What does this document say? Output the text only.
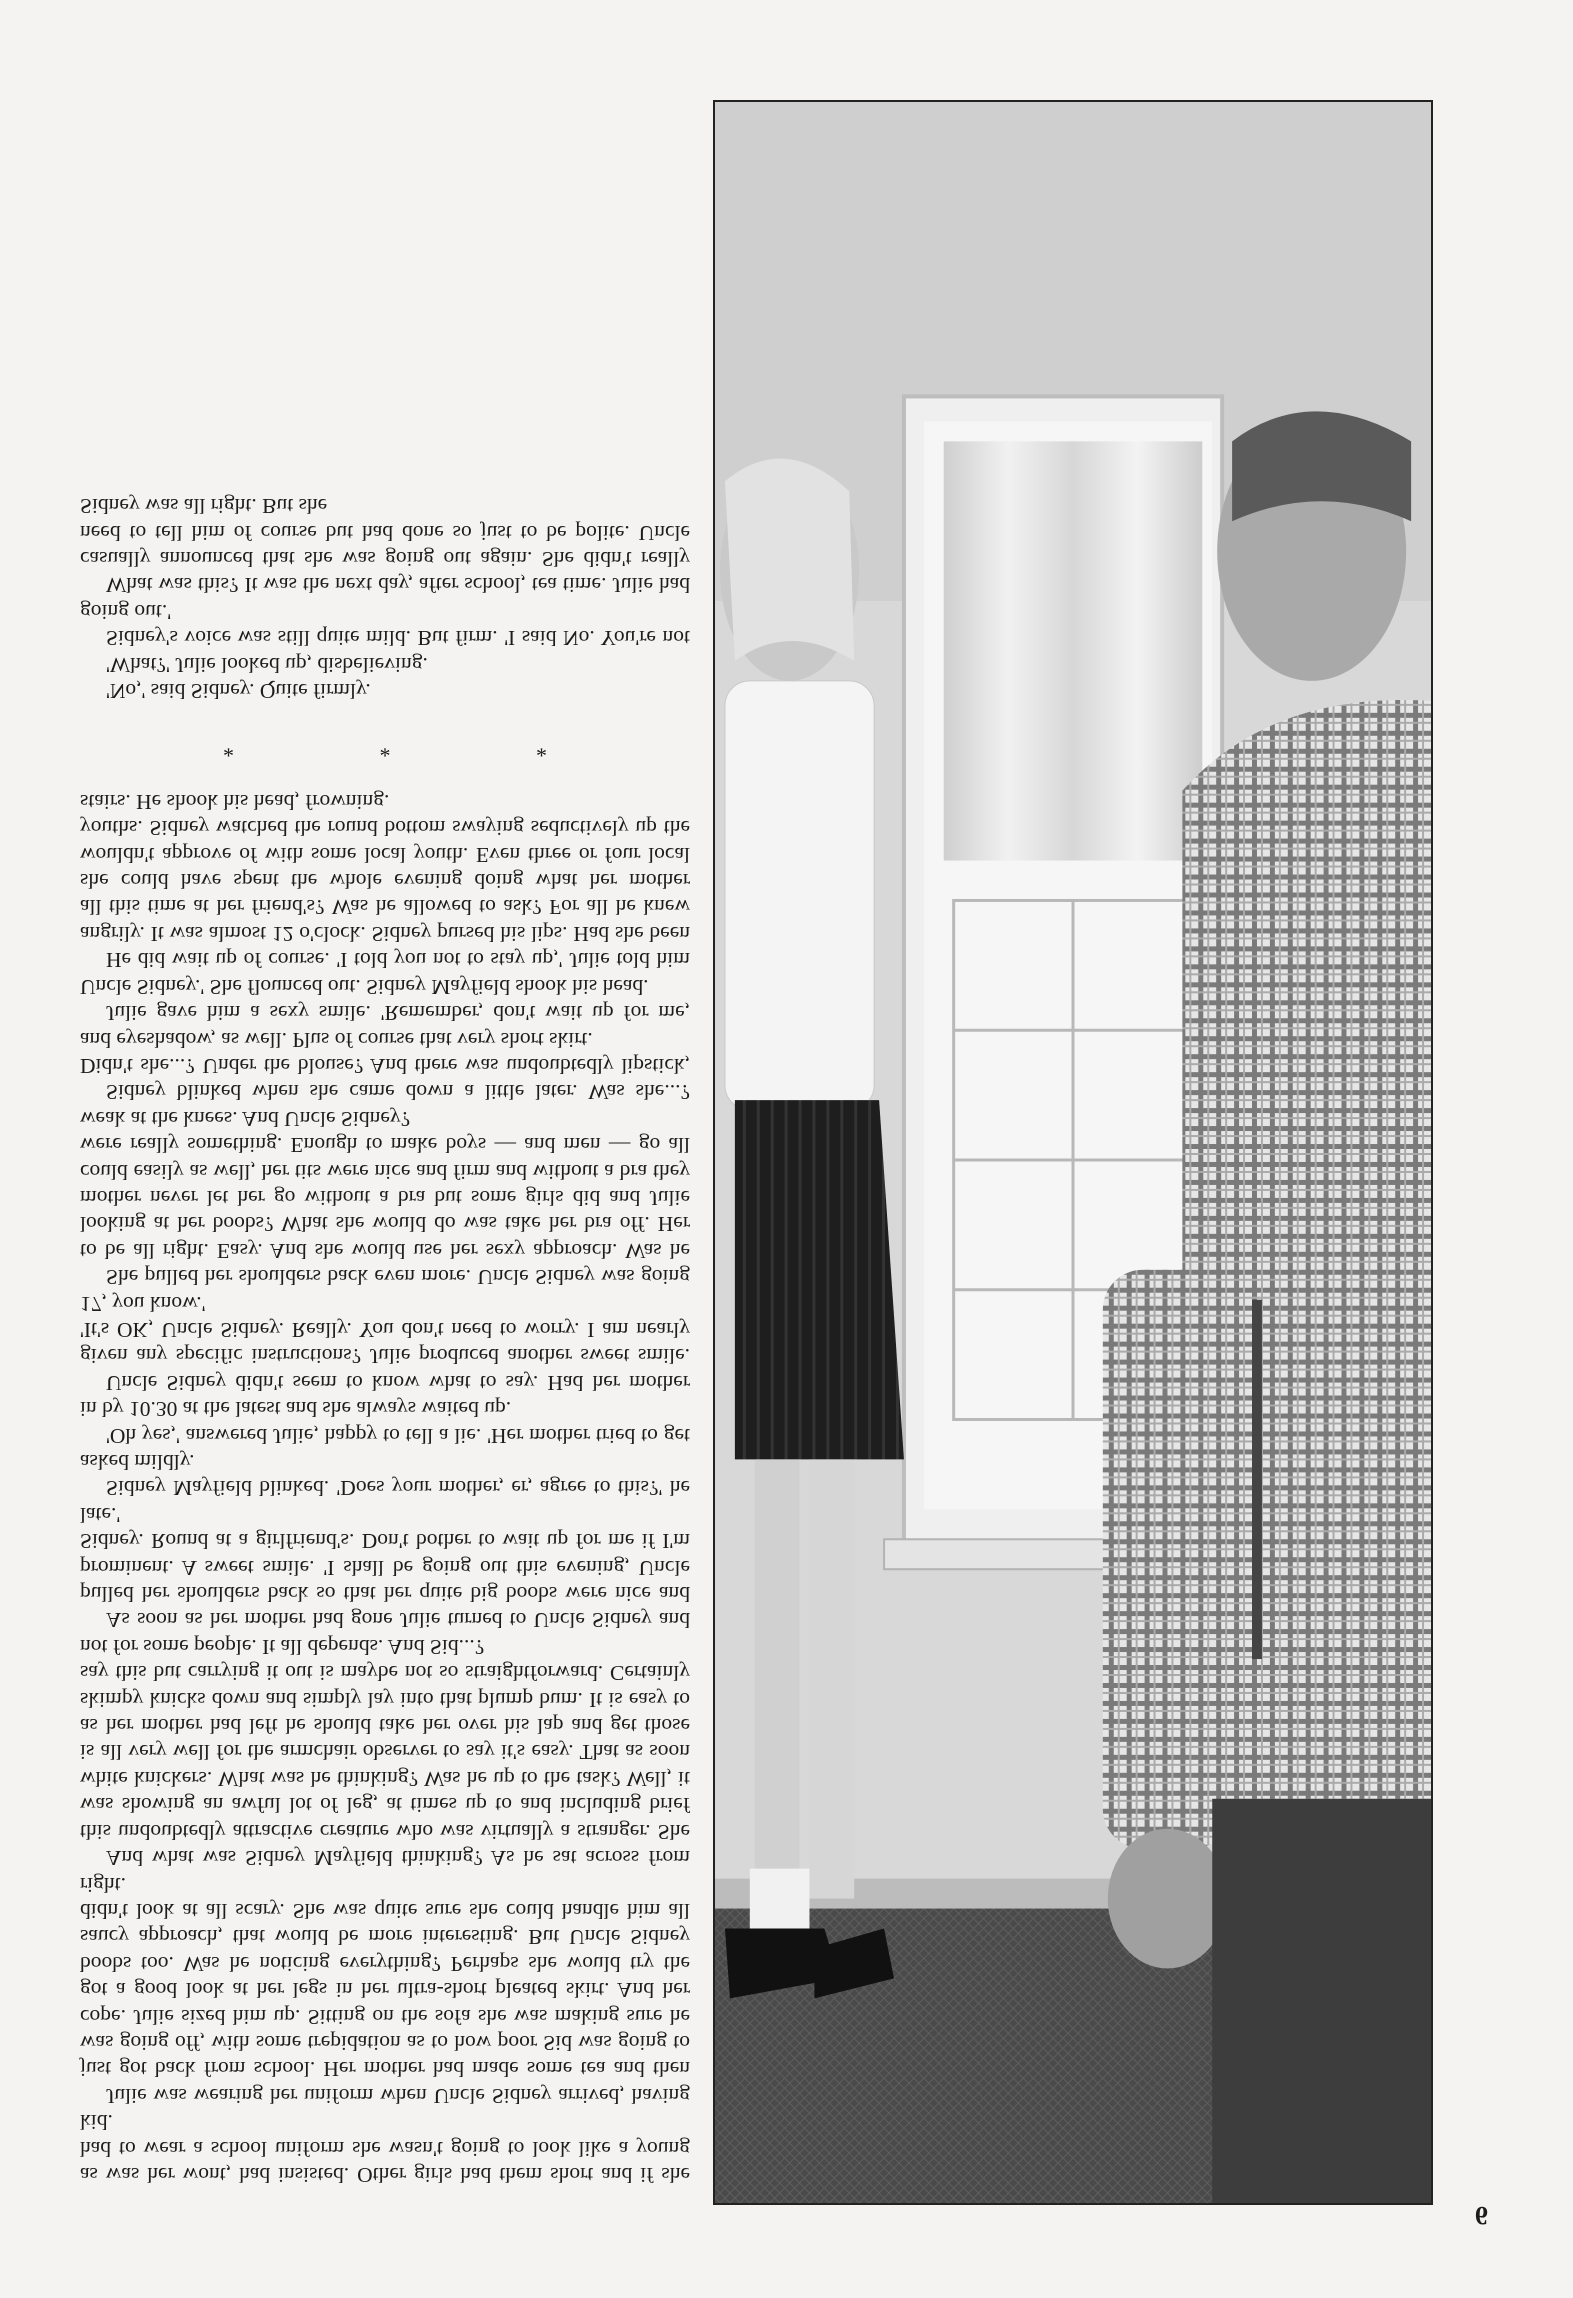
as was her wont, had insisted. Other girls had them short and if she had to wear a school uniform she wasn't going to look like a young kid.

Julie was wearing her uniform when Uncle Sidney arrived, having just got back from school. Her mother had made some tea and then was going off, with some trepidation as to how poor Sid was going to cope. Julie sized him up. Sitting on the sofa she was making sure he got a good look at her legs in her ultra-short pleated skirt. And her boobs too. Was he noticing everything? Perhaps she would try the saucy approach, that would be more interesting. But Uncle Sidney didn't look at all scary. She was quite sure she could handle him all right.

And what was Sidney Mayfield thinking? As he sat across from this undoubtedly attractive creature who was virtually a stranger. She was showing an awful lot of leg, at times up to and including brief white knickers. What was he thinking? Was he up to the task? Well, it is all very well for the armchair observer to say it's easy. That as soon as her mother had left he should take her over his lap and get those skimpy knicks down and simply lay into that plump bum. It is easy to say this but carrying it out is maybe not so straightforward. Certainly not for some people. It all depends. And Sid...?

As soon as her mother had gone Julie turned to Uncle Sidney and pulled her shoulders back so that her quite big boobs were nice and prominent. A sweet smile. 'I shall be going out this evening, Uncle Sidney. Round at a girlfriend's. Don't bother to wait up for me if I'm late.'

Sidney Mayfield blinked. 'Does your mother, er, agree to this?' he asked mildly.

'Oh yes,' answered Julie, happy to tell a lie. 'Her mother tried to get in by 10.30 at the latest and she always waited up.

Uncle Sidney didn't seem to know what to say. Had her mother given any specific instructions? Julie produced another sweet smile. 'It's OK, Uncle Sidney. Really. You don't need to worry. I am nearly 17, you know.'

She pulled her shoulders back even more. Uncle Sidney was going to be all right. Easy. And she would use her sexy approach. Was he looking at her boobs? What she would do was take her bra off. Her mother never let her go without a bra but some girls did and Julie could easily as well, her tits were nice and firm and without a bra they were really something. Enough to make boys — and men — go all weak at the knees. And Uncle Sidney?

Sidney blinked when she came down a little later. Was she...? Didn't she...? Under the blouse? And there was undoubtedly lipstick, and eyeshadow, as well. Plus of course that very short skirt.

Julie gave him a sexy smile. 'Remember, don't wait up for me, Uncle Sidney.' She flounced out. Sidney Mayfield shook his head.

He did wait up of course. 'I told you not to stay up,' Julie told him angrily. It was almost 12 o'clock. Sidney pursed his lips. Had she been all this time at her friend's? Was he allowed to ask? For all he knew she could have spent the whole evening doing what her mother wouldn't approve of with some local youth. Even three or four local youths. Sidney watched the round bottom swaying seductively up the stairs. He shook his head, frowning.

* * *

'No,' said Sidney. Quite firmly.

'What?' Julie looked up, disbelieving.

Sidney's voice was still quite mild. But firm. 'I said No. You're not going out.'

What was this? It was the next day, after school, tea time. Julie had casually announced that she was going out again. She didn't really need to tell him of course but had done so just to be polite. Uncle Sidney was all right. But she

6
